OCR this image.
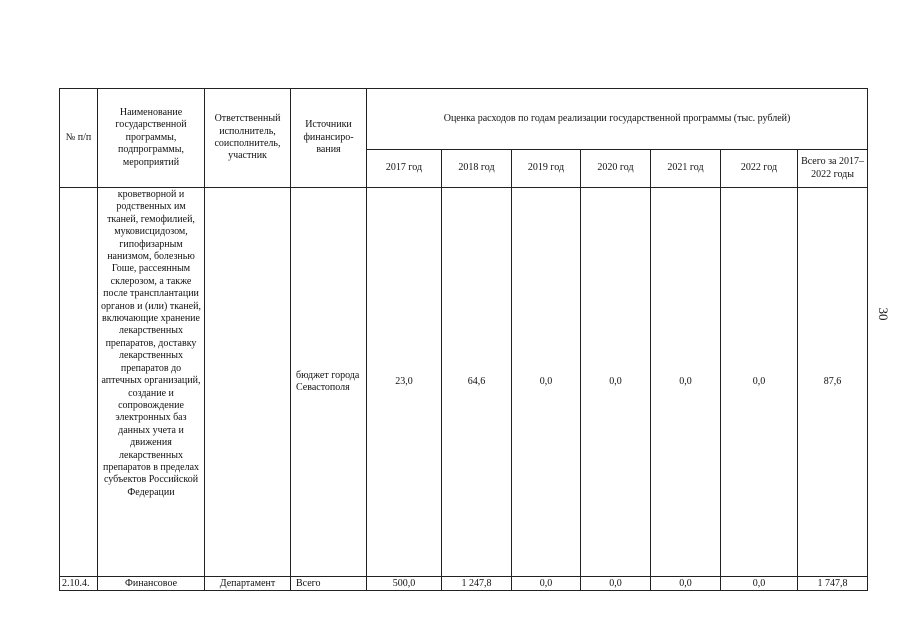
№ п/п	Наименование государственной программы, подпрограммы, мероприятий	Ответственный исполнитель, соисполнитель, участник	Источники финансиро-вания	Оценка расходов по годам реализации государственной программы (тыс. рублей)						
				2017 год	2018 год	2019 год	2020 год	2021 год	2022 год	Всего за 2017–2022 годы
	кроветворной и родственных им тканей, гемофилией, муковисцидозом, гипофизарным нанизмом, болезнью Гоше, рассеянным склерозом, а также после трансплантации органов и (или) тканей, включающие хранение лекарственных препаратов, доставку лекарственных препаратов до аптечных организаций, создание и сопровождение электронных баз данных учета и движения лекарственных препаратов в пределах субъектов Российской Федерации		бюджет города Севастополя	23,0	64,6	0,0	0,0	0,0	0,0	87,6
2.10.4.	Финансовое	Департамент	Всего	500,0	1 247,8	0,0	0,0	0,0	0,0	1 747,8
30
